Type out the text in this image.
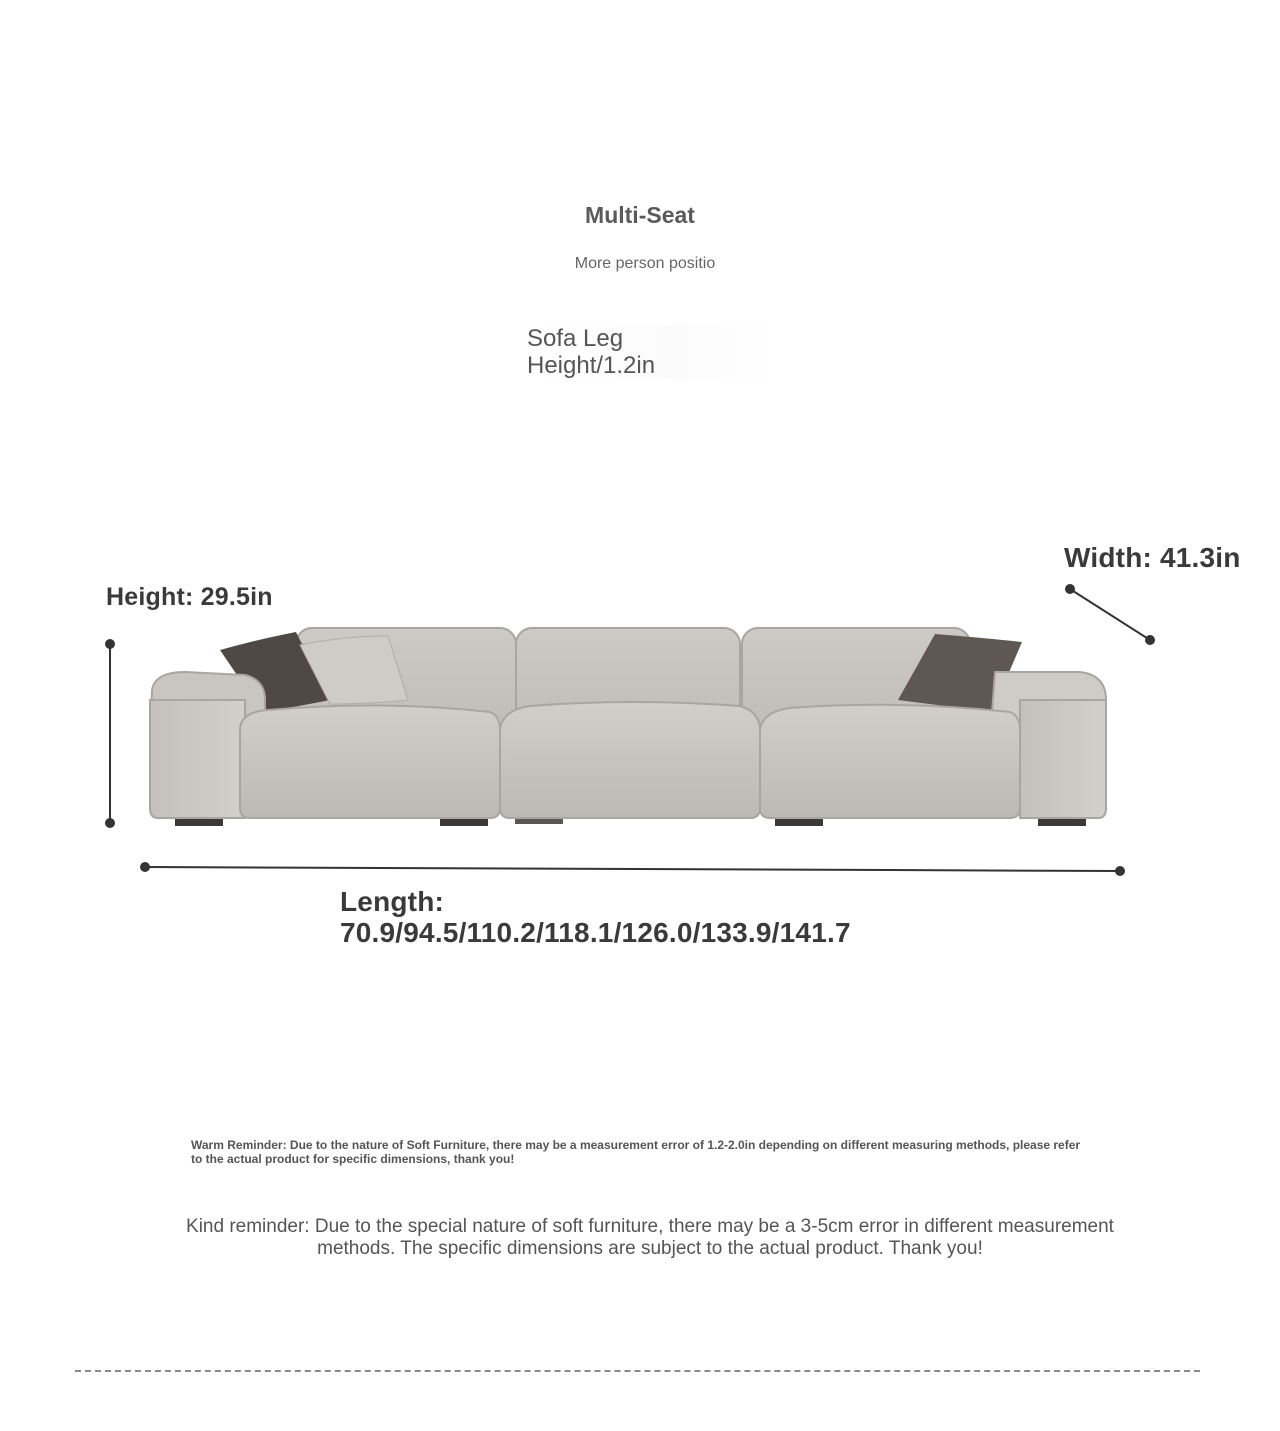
Multi-Seat
More person positio
Sofa Leg
Height/1.2in
Height: 29.5in
Width: 41.3in
Length:
70.9/94.5/110.2/118.1/126.0/133.9/141.7
Warm Reminder: Due to the nature of Soft Furniture, there may be a measurement error of 1.2-2.0in depending on different measuring methods, please refer to the actual product for specific dimensions, thank you!
Kind reminder: Due to the special nature of soft furniture, there may be a 3-5cm error in different measurement
methods. The specific dimensions are subject to the actual product. Thank you!
